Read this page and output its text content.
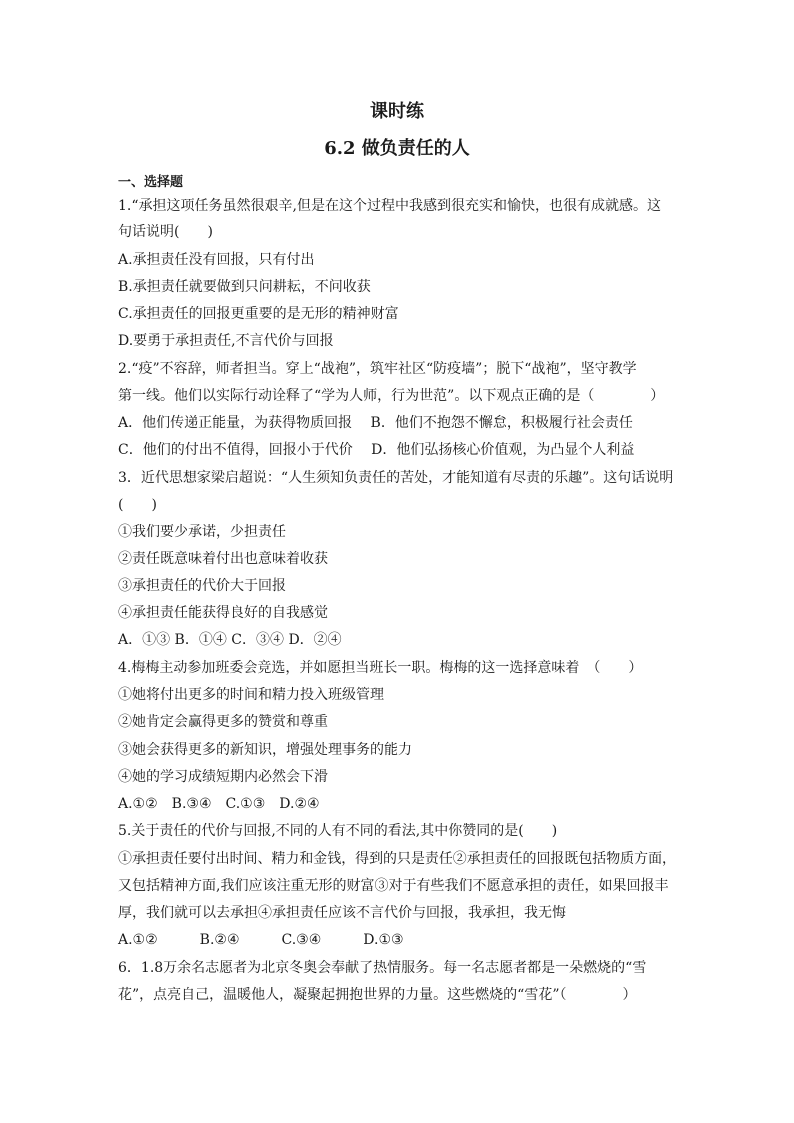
课时练
6.2 做负责任的人
一、选择题
1.“承担这项任务虽然很艰辛,但是在这个过程中我感到很充实和愉快，也很有成就感。这
句话说明(　　)
A.承担责任没有回报，只有付出
B.承担责任就要做到只问耕耘，不问收获
C.承担责任的回报更重要的是无形的精神财富
D.要勇于承担责任,不言代价与回报
2.“疫”不容辞，师者担当。穿上“战袍”，筑牢社区“防疫墙”；脱下“战袍”，坚守教学
第一线。他们以实际行动诠释了“学为人师，行为世范”。以下观点正确的是（　　　　）
A．他们传递正能量，为获得物质回报　 B．他们不抱怨不懈怠，积极履行社会责任
C．他们的付出不值得，回报小于代价　 D．他们弘扬核心价值观，为凸显个人利益
3．近代思想家梁启超说：“人生须知负责任的苦处，才能知道有尽责的乐趣”。这句话说明
(　　)
①我们要少承诺，少担责任
②责任既意味着付出也意味着收获
③承担责任的代价大于回报
④承担责任能获得良好的自我感觉
A．①③ B．①④ C．③④ D．②④
4.梅梅主动参加班委会竞选，并如愿担当班长一职。梅梅的这一选择意味着　（　　）
①她将付出更多的时间和精力投入班级管理
②她肯定会赢得更多的赞赏和尊重
③她会获得更多的新知识，增强处理事务的能力
④她的学习成绩短期内必然会下滑
A.①②　B.③④　C.①③　D.②④
5.关于责任的代价与回报,不同的人有不同的看法,其中你赞同的是(　　)
①承担责任要付出时间、精力和金钱，得到的只是责任②承担责任的回报既包括物质方面，
又包括精神方面,我们应该注重无形的财富③对于有些我们不愿意承担的责任，如果回报丰
厚，我们就可以去承担④承担责任应该不言代价与回报，我承担，我无悔
A.①②　　　B.②④　　　C.③④　　　D.①③
6．1.8万余名志愿者为北京冬奥会奉献了热情服务。每一名志愿者都是一朵燃烧的“雪
花”，点亮自己，温暖他人，凝聚起拥抱世界的力量。这些燃烧的“雪花”（　　　　）
